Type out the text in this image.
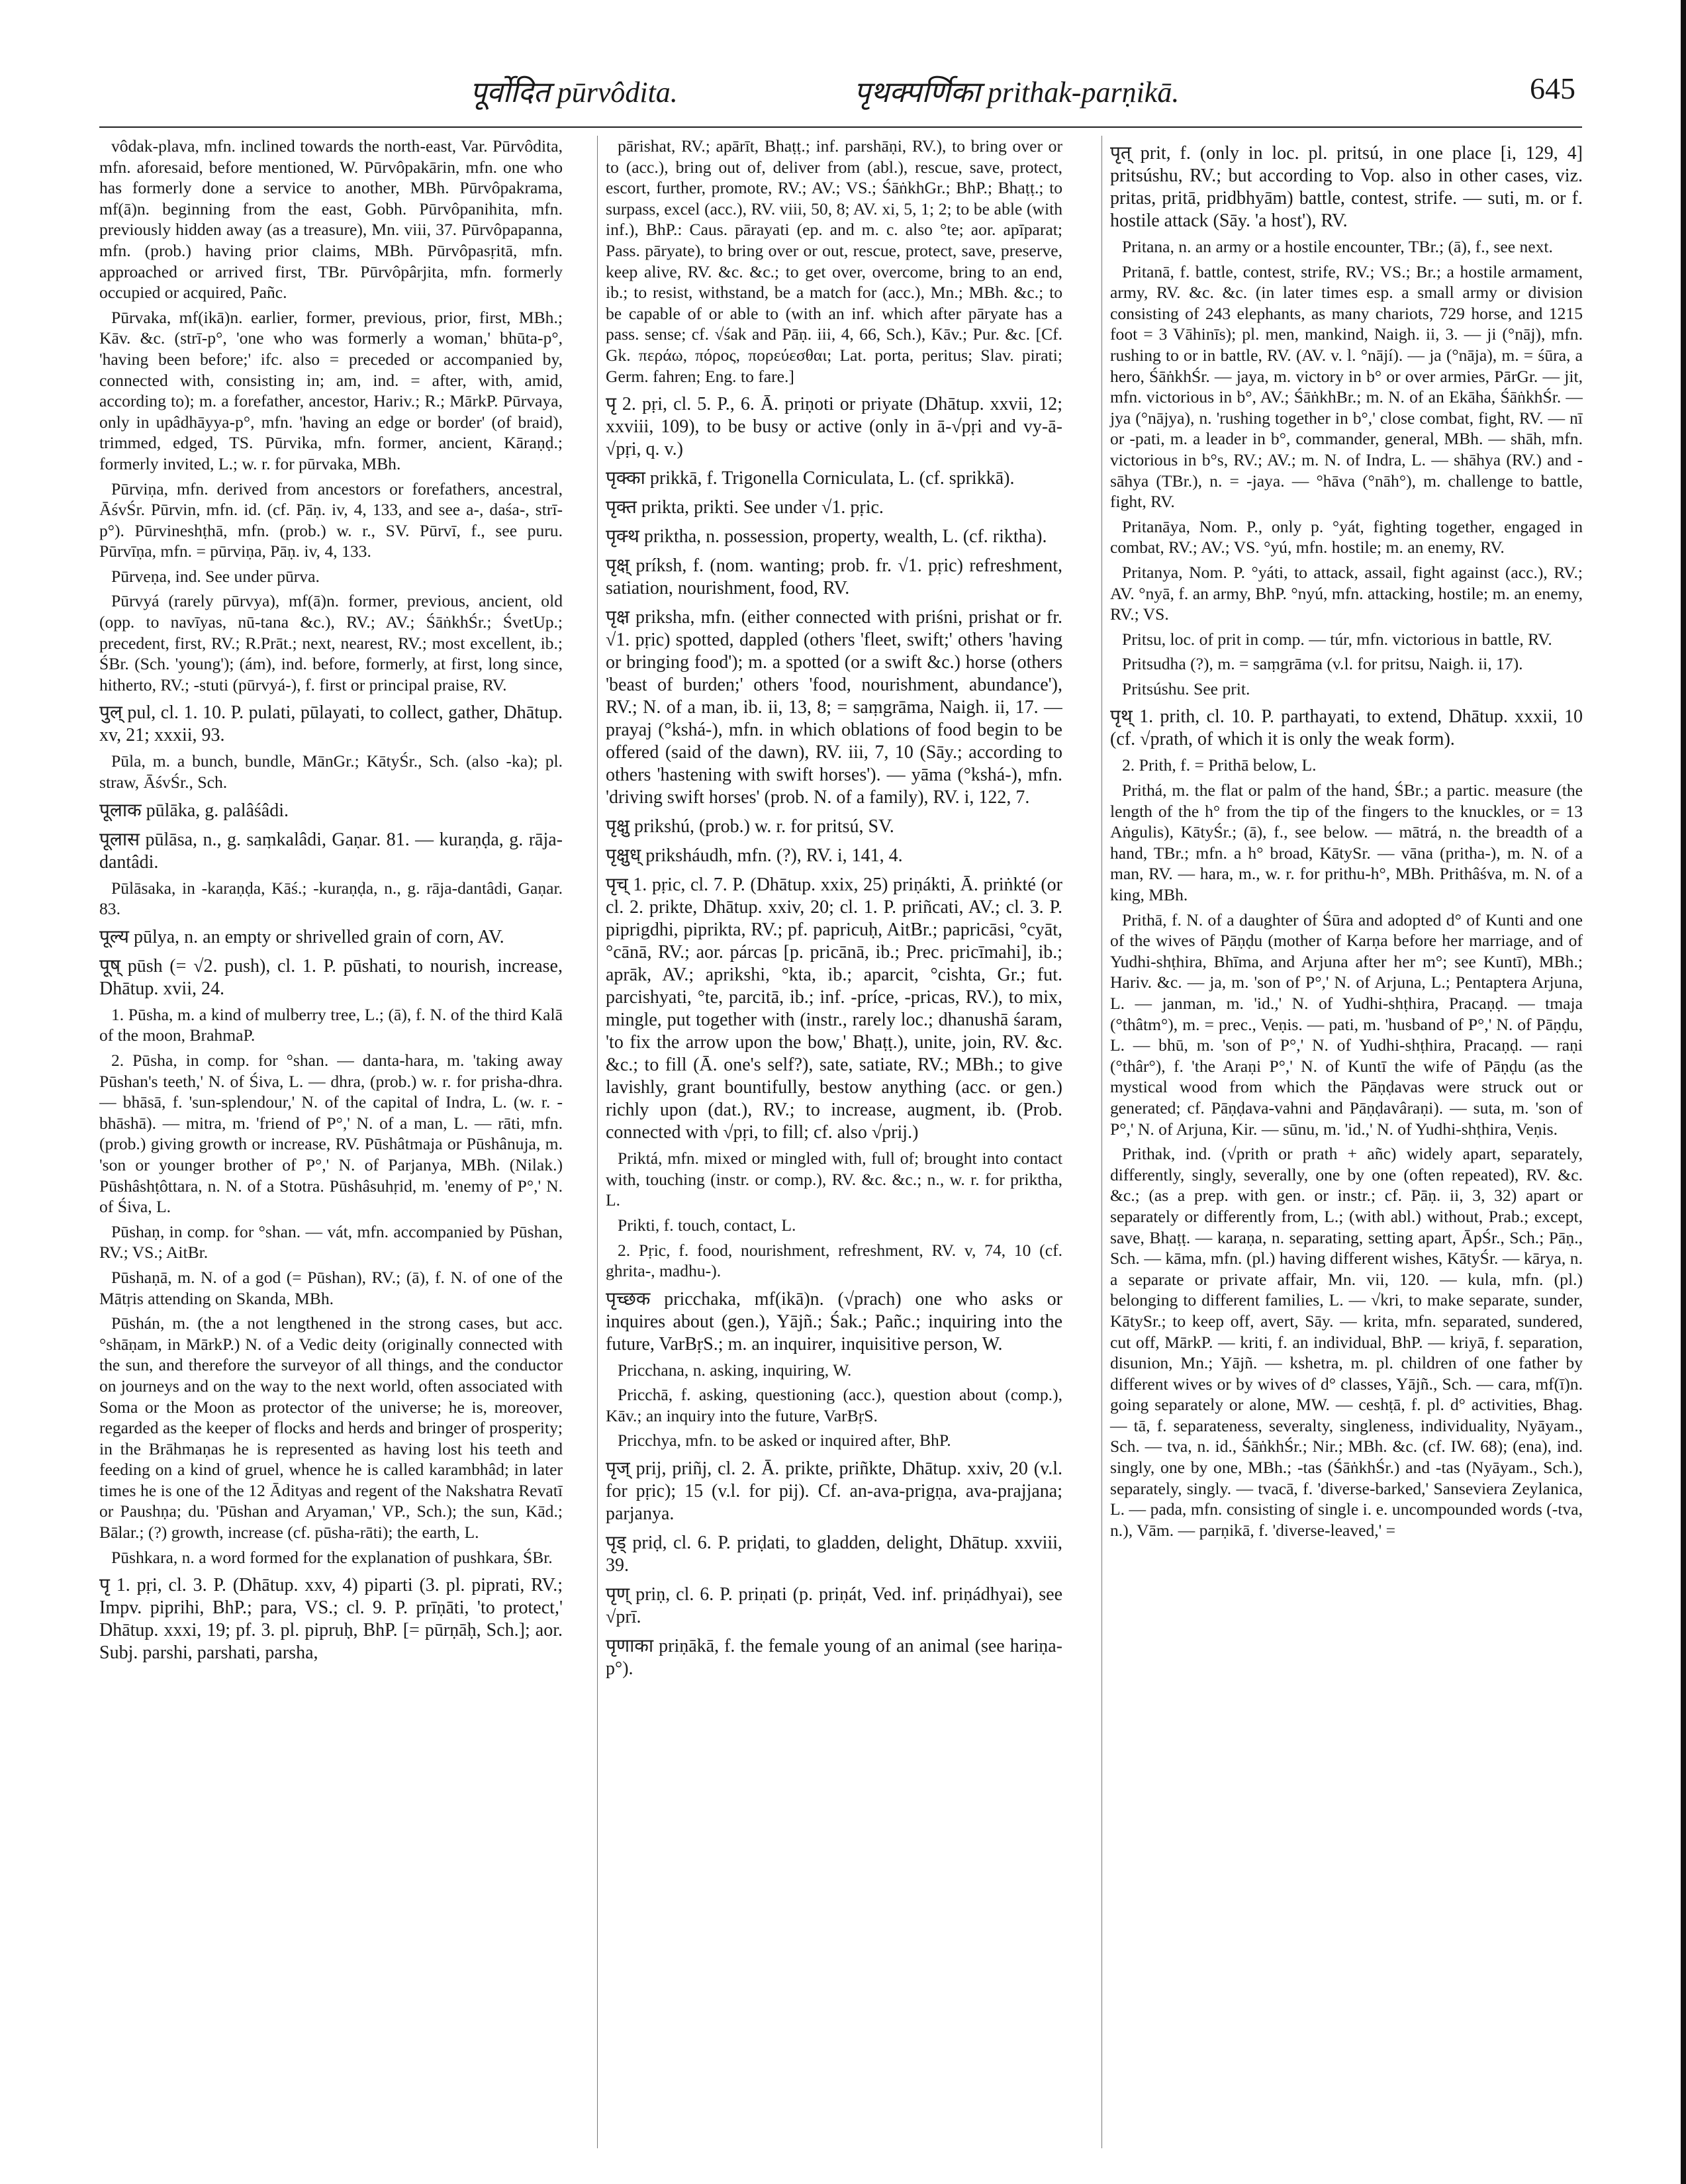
पूर्वोदित pūrvôdita.	पृथक्पर्णिका prithak-parṇikā.	645

vôdak-plava, mfn. inclined towards the north-east, Var. Pūrvôdita, mfn. aforesaid, before mentioned, W. Pūrvôpakārin, mfn. one who has formerly done a service to another, MBh. Pūrvôpakrama, mf(ā)n. beginning from the east, Gobh. Pūrvôpanihita, mfn. previously hidden away (as a treasure), Mn. viii, 37. Pūrvôpapanna, mfn. (prob.) having prior claims, MBh. Pūrvôpasṛitā, mfn. approached or arrived first, TBr. Pūrvôpârjita, mfn. formerly occupied or acquired, Pañc.

Pūrvaka, mf(ikā)n. earlier, former, previous, prior, first, MBh.; Kāv. &c. (strī-p°, 'one who was formerly a woman,' bhūta-p°, 'having been before;' ifc. also = preceded or accompanied by, connected with, consisting in; am, ind. = after, with, amid, according to); m. a forefather, ancestor, Hariv.; R.; MārkP. Pūrvaya, only in upâdhāyya-p°, mfn. 'having an edge or border' (of braid), trimmed, edged, TS. Pūrvika, mfn. former, ancient, Kāraṇḍ.; formerly invited, L.; w. r. for pūrvaka, MBh.

Pūrviṇa, mfn. derived from ancestors or forefathers, ancestral, ĀśvŚr. Pūrvin, mfn. id. (cf. Pāṇ. iv, 4, 133, and see a-, daśa-, strī-p°). Pūrvineshṭhā, mfn. (prob.) w. r., SV. Pūrvī, f., see puru. Pūrvīṇa, mfn. = pūrviṇa, Pāṇ. iv, 4, 133.

Pūrveṇa, ind. See under pūrva.

Pūrvyá (rarely pūrvya), mf(ā)n. former, previous, ancient, old (opp. to navīyas, nū-tana &c.), RV.; AV.; ŚāṅkhŚr.; ŚvetUp.; precedent, first, RV.; R.Prāt.; next, nearest, RV.; most excellent, ib.; ŚBr. (Sch. 'young'); (ám), ind. before, formerly, at first, long since, hitherto, RV.; -stuti (pūrvyá-), f. first or principal praise, RV.

पुल् pul, cl. 1. 10. P. pulati, pūlayati, to collect, gather, Dhātup. xv, 21; xxxii, 93.

Pūla, m. a bunch, bundle, MānGr.; KātyŚr., Sch. (also -ka); pl. straw, ĀśvŚr., Sch.

पूलाक pūlāka, g. palâśâdi.

पूलास pūlāsa, n., g. saṃkalâdi, Gaṇar. 81. — kuraṇḍa, g. rāja-dantâdi.

Pūlāsaka, in -karaṇḍa, Kāś.; -kuraṇḍa, n., g. rāja-dantâdi, Gaṇar. 83.

पूल्य pūlya, n. an empty or shrivelled grain of corn, AV.

पूष् pūsh (= √2. push), cl. 1. P. pūshati, to nourish, increase, Dhātup. xvii, 24.

1. Pūsha, m. a kind of mulberry tree, L.; (ā), f. N. of the third Kalā of the moon, BrahmaP.

2. Pūsha, in comp. for °shan. — danta-hara, m. 'taking away Pūshan's teeth,' N. of Śiva, L. — dhra, (prob.) w. r. for prisha-dhra. — bhāsā, f. 'sun-splendour,' N. of the capital of Indra, L. (w. r. -bhāshā). — mitra, m. 'friend of P°,' N. of a man, L. — rāti, mfn. (prob.) giving growth or increase, RV. Pūshâtmaja or Pūshânuja, m. 'son or younger brother of P°,' N. of Parjanya, MBh. (Nilak.) Pūshâshṭôttara, n. N. of a Stotra. Pūshâsuhṛid, m. 'enemy of P°,' N. of Śiva, L.

Pūshaṇ, in comp. for °shan. — vát, mfn. accompanied by Pūshan, RV.; VS.; AitBr.

Pūshaṇā, m. N. of a god (= Pūshan), RV.; (ā), f. N. of one of the Mātṛis attending on Skanda, MBh.

Pūshán, m. (the a not lengthened in the strong cases, but acc. °shāṇam, in MārkP.) N. of a Vedic deity (originally connected with the sun, and therefore the surveyor of all things, and the conductor on journeys and on the way to the next world, often associated with Soma or the Moon as protector of the universe; he is, moreover, regarded as the keeper of flocks and herds and bringer of prosperity; in the Brāhmaṇas he is represented as having lost his teeth and feeding on a kind of gruel, whence he is called karambhâd; in later times he is one of the 12 Ādityas and regent of the Nakshatra Revatī or Paushṇa; du. 'Pūshan and Aryaman,' VP., Sch.); the sun, Kād.; Bālar.; (?) growth, increase (cf. pūsha-rāti); the earth, L.

Pūshkara, n. a word formed for the explanation of pushkara, ŚBr.

पृ 1. pṛi, cl. 3. P. (Dhātup. xxv, 4) piparti (3. pl. piprati, RV.; Impv. piprihi, BhP.; para, VS.; cl. 9. P. prīṇāti, 'to protect,' Dhātup. xxxi, 19; pf. 3. pl. pipruḥ, BhP. [= pūrṇāḥ, Sch.]; aor. Subj. parshi, parshati, parsha,

pārishat, RV.; apārīt, Bhaṭṭ.; inf. parshāṇi, RV.), to bring over or to (acc.), bring out of, deliver from (abl.), rescue, save, protect, escort, further, promote, RV.; AV.; VS.; ŚāṅkhGr.; BhP.; Bhaṭṭ.; to surpass, excel (acc.), RV. viii, 50, 8; AV. xi, 5, 1; 2; to be able (with inf.), BhP.: Caus. pārayati (ep. and m. c. also °te; aor. apīparat; Pass. pāryate), to bring over or out, rescue, protect, save, preserve, keep alive, RV. &c. &c.; to get over, overcome, bring to an end, ib.; to resist, withstand, be a match for (acc.), Mn.; MBh. &c.; to be capable of or able to (with an inf. which after pāryate has a pass. sense; cf. √śak and Pāṇ. iii, 4, 66, Sch.), Kāv.; Pur. &c. [Cf. Gk. περάω, πόρος, πορεύεσθαι; Lat. porta, peritus; Slav. pirati; Germ. fahren; Eng. to fare.]

पृ 2. pṛi, cl. 5. P., 6. Ā. priṇoti or priyate (Dhātup. xxvii, 12; xxviii, 109), to be busy or active (only in ā-√pṛi and vy-ā-√pṛi, q. v.)

पृक्का prikkā, f. Trigonella Corniculata, L. (cf. sprikkā).

पृक्त prikta, prikti. See under √1. pṛic.

पृक्थ priktha, n. possession, property, wealth, L. (cf. riktha).

पृक्ष् príksh, f. (nom. wanting; prob. fr. √1. pṛic) refreshment, satiation, nourishment, food, RV.

पृक्ष priksha, mfn. (either connected with priśni, prishat or fr. √1. pṛic) spotted, dappled (others 'fleet, swift;' others 'having or bringing food'); m. a spotted (or a swift &c.) horse (others 'beast of burden;' others 'food, nourishment, abundance'), RV.; N. of a man, ib. ii, 13, 8; = saṃgrāma, Naigh. ii, 17. — prayaj (°kshá-), mfn. in which oblations of food begin to be offered (said of the dawn), RV. iii, 7, 10 (Sāy.; according to others 'hastening with swift horses'). — yāma (°kshá-), mfn. 'driving swift horses' (prob. N. of a family), RV. i, 122, 7.

पृक्षु prikshú, (prob.) w. r. for pritsú, SV.

पृक्षुध् priksháudh, mfn. (?), RV. i, 141, 4.

पृच् 1. pṛic, cl. 7. P. (Dhātup. xxix, 25) priṇákti, Ā. priṅkté (or cl. 2. prikte, Dhātup. xxiv, 20; cl. 1. P. priñcati, AV.; cl. 3. P. piprigdhi, piprikta, RV.; pf. papricuḥ, AitBr.; papricāsi, °cyāt, °cānā, RV.; aor. párcas [p. pricānā, ib.; Prec. pricīmahi], ib.; aprāk, AV.; aprikshi, °kta, ib.; aparcit, °cishta, Gr.; fut. parcishyati, °te, parcitā, ib.; inf. -príce, -pricas, RV.), to mix, mingle, put together with (instr., rarely loc.; dhanushā śaram, 'to fix the arrow upon the bow,' Bhaṭṭ.), unite, join, RV. &c. &c.; to fill (Ā. one's self?), sate, satiate, RV.; MBh.; to give lavishly, grant bountifully, bestow anything (acc. or gen.) richly upon (dat.), RV.; to increase, augment, ib. (Prob. connected with √pṛi, to fill; cf. also √prij.)

Priktá, mfn. mixed or mingled with, full of; brought into contact with, touching (instr. or comp.), RV. &c. &c.; n., w. r. for priktha, L.

Prikti, f. touch, contact, L.

2. Pṛic, f. food, nourishment, refreshment, RV. v, 74, 10 (cf. ghrita-, madhu-).

पृच्छक pricchaka, mf(ikā)n. (√prach) one who asks or inquires about (gen.), Yājñ.; Śak.; Pañc.; inquiring into the future, VarBṛS.; m. an inquirer, inquisitive person, W.

Pricchana, n. asking, inquiring, W.

Pricchā, f. asking, questioning (acc.), question about (comp.), Kāv.; an inquiry into the future, VarBṛS.

Pricchya, mfn. to be asked or inquired after, BhP.

पृज् prij, priñj, cl. 2. Ā. prikte, priñkte, Dhātup. xxiv, 20 (v.l. for pṛic); 15 (v.l. for pij). Cf. an-ava-prigṇa, ava-prajjana; parjanya.

पृड् priḍ, cl. 6. P. priḍati, to gladden, delight, Dhātup. xxviii, 39.

पृण् priṇ, cl. 6. P. priṇati (p. priṇát, Ved. inf. priṇádhyai), see √prī.

पृणाका priṇākā, f. the female young of an animal (see hariṇa-p°).

पृत् prit, f. (only in loc. pl. pritsú, in one place [i, 129, 4] pritsúshu, RV.; but according to Vop. also in other cases, viz. pritas, pritā, pridbhyām) battle, contest, strife. — suti, m. or f. hostile attack (Sāy. 'a host'), RV.

Pritana, n. an army or a hostile encounter, TBr.; (ā), f., see next.

Pritanā, f. battle, contest, strife, RV.; VS.; Br.; a hostile armament, army, RV. &c. &c. (in later times esp. a small army or division consisting of 243 elephants, as many chariots, 729 horse, and 1215 foot = 3 Vāhinīs); pl. men, mankind, Naigh. ii, 3. — ji (°nāj), mfn. rushing to or in battle, RV. (AV. v. l. °nājí). — ja (°nāja), m. = śūra, a hero, ŚāṅkhŚr. — jaya, m. victory in b° or over armies, PārGr. — jit, mfn. victorious in b°, AV.; ŚāṅkhBr.; m. N. of an Ekāha, ŚāṅkhŚr. — jya (°nājya), n. 'rushing together in b°,' close combat, fight, RV. — nī or -pati, m. a leader in b°, commander, general, MBh. — shāh, mfn. victorious in b°s, RV.; AV.; m. N. of Indra, L. — shāhya (RV.) and -sāhya (TBr.), n. = -jaya. — °hāva (°nāh°), m. challenge to battle, fight, RV.

Pritanāya, Nom. P., only p. °yát, fighting together, engaged in combat, RV.; AV.; VS. °yú, mfn. hostile; m. an enemy, RV.

Pritanya, Nom. P. °yáti, to attack, assail, fight against (acc.), RV.; AV. °nyā, f. an army, BhP. °nyú, mfn. attacking, hostile; m. an enemy, RV.; VS.

Pritsu, loc. of prit in comp. — túr, mfn. victorious in battle, RV.

Pritsudha (?), m. = saṃgrāma (v.l. for pritsu, Naigh. ii, 17).

Pritsúshu. See prit.

पृथ् 1. prith, cl. 10. P. parthayati, to extend, Dhātup. xxxii, 10 (cf. √prath, of which it is only the weak form).

2. Prith, f. = Prithā below, L.

Prithá, m. the flat or palm of the hand, ŚBr.; a partic. measure (the length of the h° from the tip of the fingers to the knuckles, or = 13 Aṅgulis), KātyŚr.; (ā), f., see below. — mātrá, n. the breadth of a hand, TBr.; mfn. a h° broad, KātySr. — vāna (pritha-), m. N. of a man, RV. — hara, m., w. r. for prithu-h°, MBh. Prithâśva, m. N. of a king, MBh.

Prithā, f. N. of a daughter of Śūra and adopted d° of Kunti and one of the wives of Pāṇḍu (mother of Karṇa before her marriage, and of Yudhi-shṭhira, Bhīma, and Arjuna after her m°; see Kuntī), MBh.; Hariv. &c. — ja, m. 'son of P°,' N. of Arjuna, L.; Pentaptera Arjuna, L. — janman, m. 'id.,' N. of Yudhi-shṭhira, Pracaṇḍ. — tmaja (°thâtm°), m. = prec., Veṇis. — pati, m. 'husband of P°,' N. of Pāṇḍu, L. — bhū, m. 'son of P°,' N. of Yudhi-shṭhira, Pracaṇḍ. — raṇi (°thâr°), f. 'the Araṇi P°,' N. of Kuntī the wife of Pāṇḍu (as the mystical wood from which the Pāṇḍavas were struck out or generated; cf. Pāṇḍava-vahni and Pāṇḍavâraṇi). — suta, m. 'son of P°,' N. of Arjuna, Kir. — sūnu, m. 'id.,' N. of Yudhi-shṭhira, Veṇis.

Prithak, ind. (√prith or prath + añc) widely apart, separately, differently, singly, severally, one by one (often repeated), RV. &c. &c.; (as a prep. with gen. or instr.; cf. Pāṇ. ii, 3, 32) apart or separately or differently from, L.; (with abl.) without, Prab.; except, save, Bhaṭṭ. — karaṇa, n. separating, setting apart, ĀpŚr., Sch.; Pāṇ., Sch. — kāma, mfn. (pl.) having different wishes, KātyŚr. — kārya, n. a separate or private affair, Mn. vii, 120. — kula, mfn. (pl.) belonging to different families, L. — √kri, to make separate, sunder, KātySr.; to keep off, avert, Sāy. — krita, mfn. separated, sundered, cut off, MārkP. — kriti, f. an individual, BhP. — kriyā, f. separation, disunion, Mn.; Yājñ. — kshetra, m. pl. children of one father by different wives or by wives of d° classes, Yājñ., Sch. — cara, mf(ī)n. going separately or alone, MW. — ceshṭā, f. pl. d° activities, Bhag. — tā, f. separateness, severalty, singleness, individuality, Nyāyam., Sch. — tva, n. id., ŚāṅkhŚr.; Nir.; MBh. &c. (cf. IW. 68); (ena), ind. singly, one by one, MBh.; -tas (ŚāṅkhŚr.) and -tas (Nyāyam., Sch.), separately, singly. — tvacā, f. 'diverse-barked,' Sanseviera Zeylanica, L. — pada, mfn. consisting of single i. e. uncompounded words (-tva, n.), Vām. — parṇikā, f. 'diverse-leaved,' =
